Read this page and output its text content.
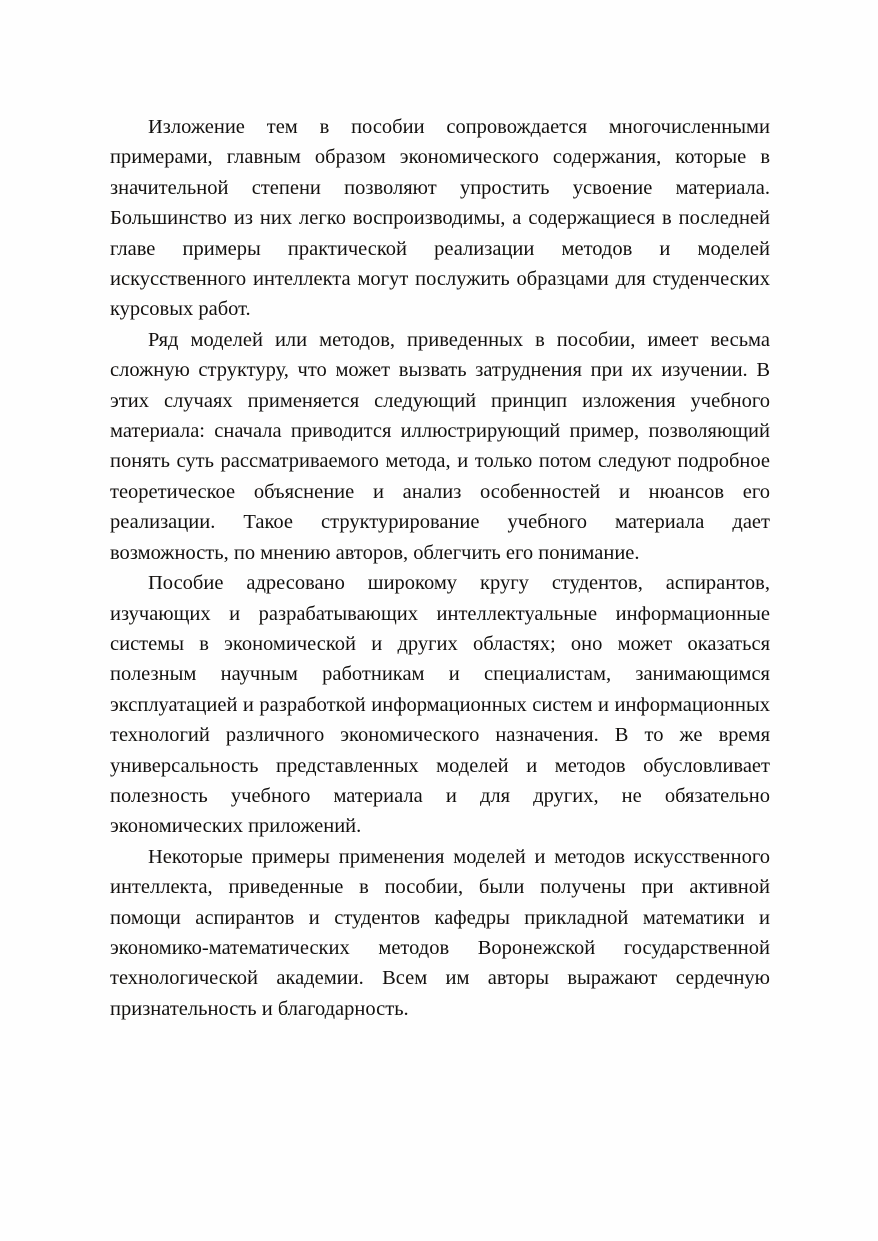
Изложение тем в пособии сопровождается многочисленными примерами, главным образом экономического содержания, которые в значительной степени позволяют упростить усвоение материала. Большинство из них легко воспроизводимы, а содержащиеся в последней главе примеры практической реализации методов и моделей искусственного интеллекта могут послужить образцами для студенческих курсовых работ.

Ряд моделей или методов, приведенных в пособии, имеет весьма сложную структуру, что может вызвать затруднения при их изучении. В этих случаях применяется следующий принцип изложения учебного материала: сначала приводится иллюстрирующий пример, позволяющий понять суть рассматриваемого метода, и только потом следуют подробное теоретическое объяснение и анализ особенностей и нюансов его реализации. Такое структурирование учебного материала дает возможность, по мнению авторов, облегчить его понимание.

Пособие адресовано широкому кругу студентов, аспирантов, изучающих и разрабатывающих интеллектуальные информационные системы в экономической и других областях; оно может оказаться полезным научным работникам и специалистам, занимающимся эксплуатацией и разработкой информационных систем и информационных технологий различного экономического назначения. В то же время универсальность представленных моделей и методов обусловливает полезность учебного материала и для других, не обязательно экономических приложений.

Некоторые примеры применения моделей и методов искусственного интеллекта, приведенные в пособии, были получены при активной помощи аспирантов и студентов кафедры прикладной математики и экономико-математических методов Воронежской государственной технологической академии. Всем им авторы выражают сердечную признательность и благодарность.
